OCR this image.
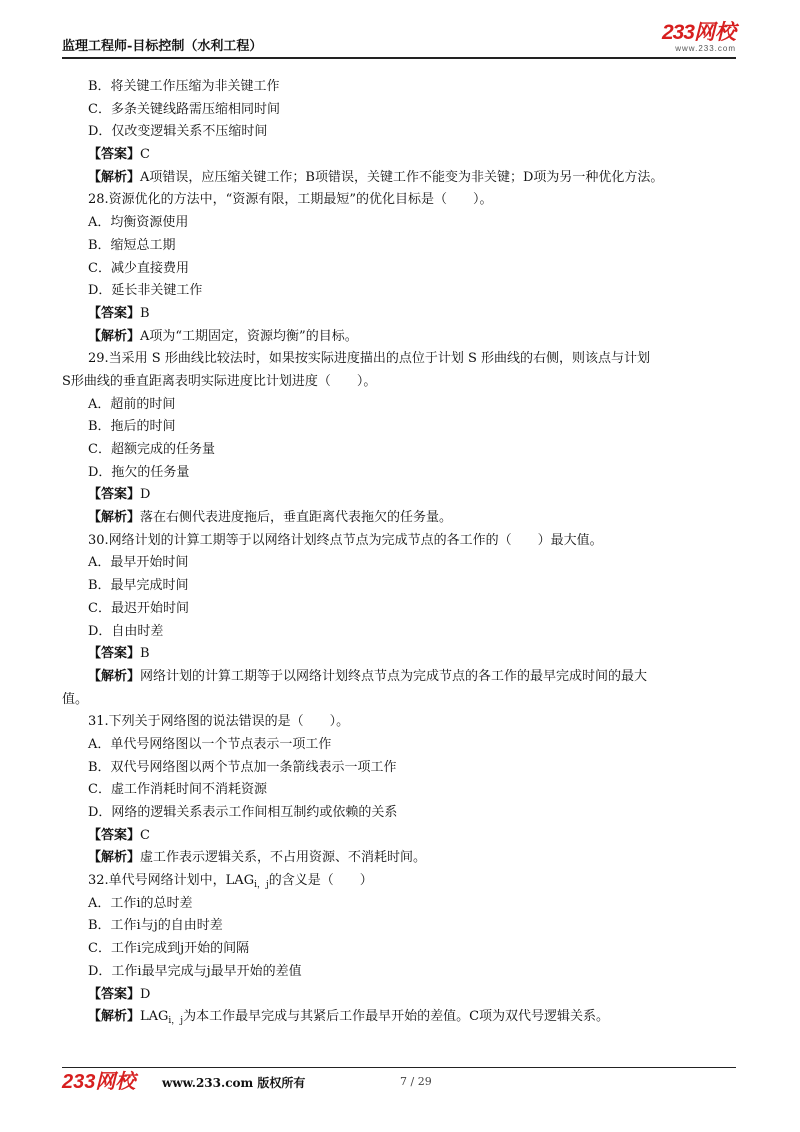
监理工程师-目标控制（水利工程）
233网校
www.233.com
B．将关键工作压缩为非关键工作
C．多条关键线路需压缩相同时间
D．仅改变逻辑关系不压缩时间
【答案】C
【解析】A项错误，应压缩关键工作；B项错误，关键工作不能变为非关键；D项为另一种优化方法。
28.资源优化的方法中，“资源有限，工期最短”的优化目标是（　　）。
A．均衡资源使用
B．缩短总工期
C．减少直接费用
D．延长非关键工作
【答案】B
【解析】A项为“工期固定，资源均衡”的目标。
29.当采用 S 形曲线比较法时，如果按实际进度描出的点位于计划 S 形曲线的右侧，则该点与计划
S形曲线的垂直距离表明实际进度比计划进度（　　）。
A．超前的时间
B．拖后的时间
C．超额完成的任务量
D．拖欠的任务量
【答案】D
【解析】落在右侧代表进度拖后，垂直距离代表拖欠的任务量。
30.网络计划的计算工期等于以网络计划终点节点为完成节点的各工作的（　　）最大值。
A．最早开始时间
B．最早完成时间
C．最迟开始时间
D．自由时差
【答案】B
【解析】网络计划的计算工期等于以网络计划终点节点为完成节点的各工作的最早完成时间的最大
值。
31.下列关于网络图的说法错误的是（　　）。
A．单代号网络图以一个节点表示一项工作
B．双代号网络图以两个节点加一条箭线表示一项工作
C．虚工作消耗时间不消耗资源
D．网络的逻辑关系表示工作间相互制约或依赖的关系
【答案】C
【解析】虚工作表示逻辑关系，不占用资源、不消耗时间。
32.单代号网络计划中，$LAG_{i,j}$的含义是（　　）
A．工作i的总时差
B．工作i与j的自由时差
C．工作i完成到j开始的间隔
D．工作i最早完成与j最早开始的差值
【答案】D
【解析】$LAG_{i,j}$为本工作最早完成与其紧后工作最早开始的差值。C项为双代号逻辑关系。
233网校 www.233.com 版权所有	7 / 29
